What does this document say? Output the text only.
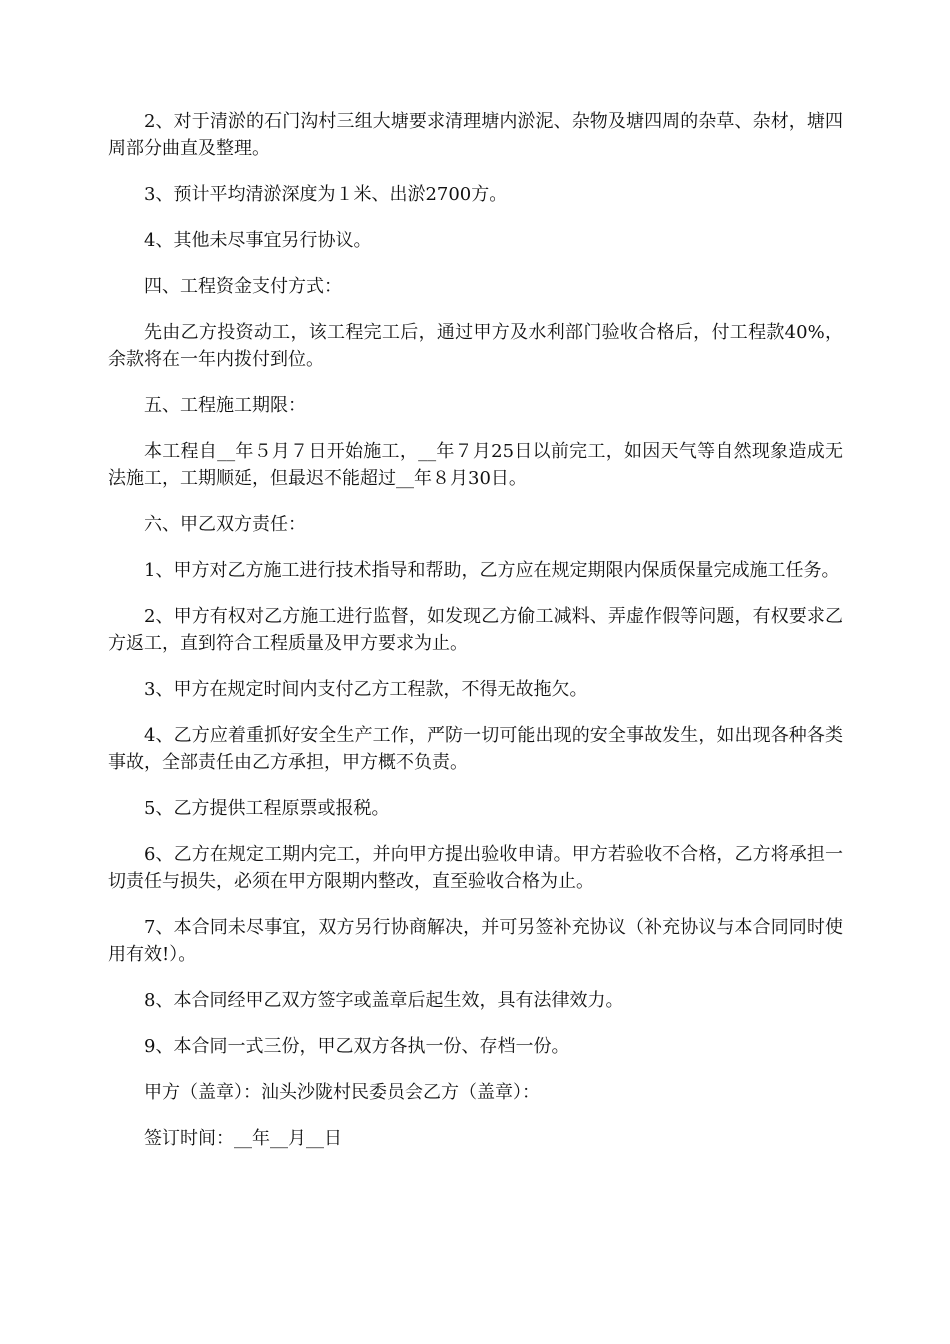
2、对于清淤的石门沟村三组大塘要求清理塘内淤泥、杂物及塘四周的杂草、杂材，塘四周部分曲直及整理。

3、预计平均清淤深度为１米、出淤2700方。

4、其他未尽事宜另行协议。

四、工程资金支付方式：

先由乙方投资动工，该工程完工后，通过甲方及水利部门验收合格后，付工程款40%，余款将在一年内拨付到位。

五、工程施工期限：

本工程自__年５月７日开始施工，__年７月25日以前完工，如因天气等自然现象造成无法施工，工期顺延，但最迟不能超过__年８月30日。

六、甲乙双方责任：

1、甲方对乙方施工进行技术指导和帮助，乙方应在规定期限内保质保量完成施工任务。

2、甲方有权对乙方施工进行监督，如发现乙方偷工减料、弄虚作假等问题，有权要求乙方返工，直到符合工程质量及甲方要求为止。

3、甲方在规定时间内支付乙方工程款，不得无故拖欠。

4、乙方应着重抓好安全生产工作，严防一切可能出现的安全事故发生，如出现各种各类事故，全部责任由乙方承担，甲方概不负责。

5、乙方提供工程原票或报税。

6、乙方在规定工期内完工，并向甲方提出验收申请。甲方若验收不合格，乙方将承担一切责任与损失，必须在甲方限期内整改，直至验收合格为止。

7、本合同未尽事宜，双方另行协商解决，并可另签补充协议（补充协议与本合同同时使用有效!）。

8、本合同经甲乙双方签字或盖章后起生效，具有法律效力。

9、本合同一式三份，甲乙双方各执一份、存档一份。

甲方（盖章）：汕头沙陇村民委员会乙方（盖章）：

签订时间：__年__月__日
